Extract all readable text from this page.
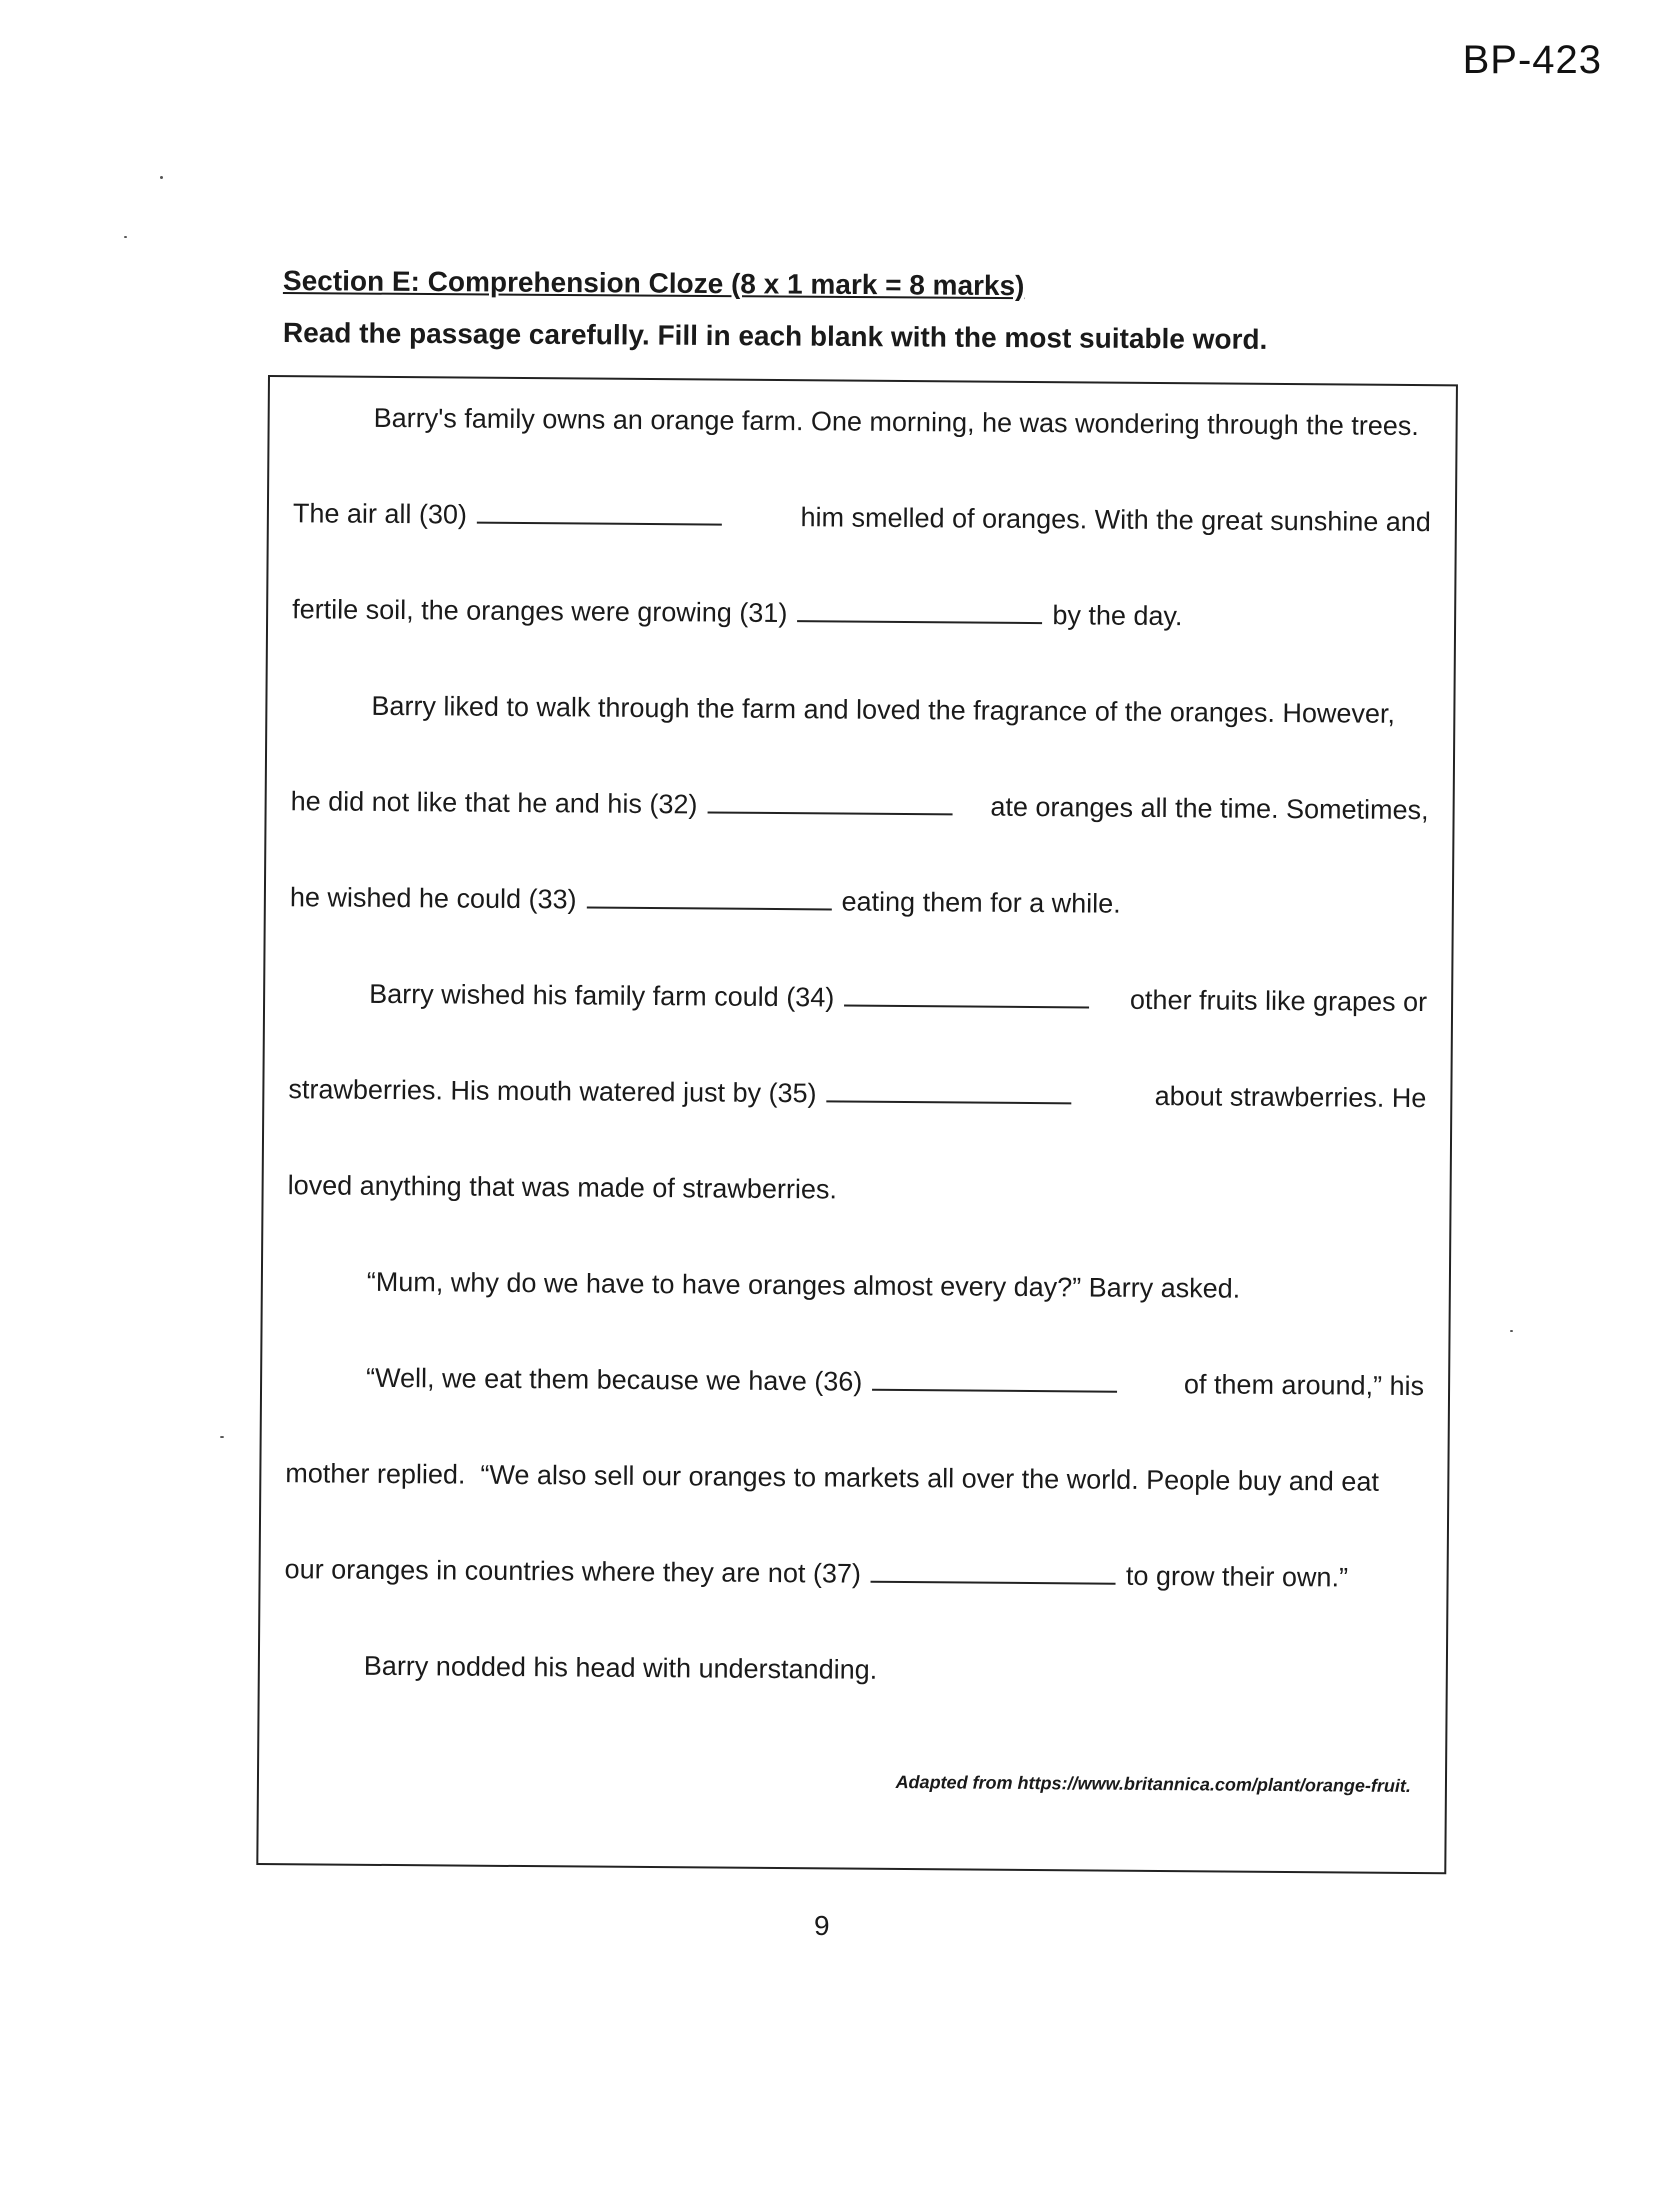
BP-423
Section E: Comprehension Cloze (8 x 1 mark = 8 marks)
Read the passage carefully. Fill in each blank with the most suitable word.
Barry's family owns an orange farm. One morning, he was wondering through the trees.
The air all (30)	him smelled of oranges. With the great sunshine and
fertile soil, the oranges were growing (31)	by the day.
Barry liked to walk through the farm and loved the fragrance of the oranges. However,
he did not like that he and his (32)	ate oranges all the time. Sometimes,
he wished he could (33)	eating them for a while.
Barry wished his family farm could (34)	other fruits like grapes or
strawberries. His mouth watered just by (35)	about strawberries. He
loved anything that was made of strawberries.
“Mum, why do we have to have oranges almost every day?” Barry asked.
“Well, we eat them because we have (36)	of them around,” his
mother replied.  “We also sell our oranges to markets all over the world. People buy and eat
our oranges in countries where they are not (37)	to grow their own.”
Barry nodded his head with understanding.
Adapted from https://www.britannica.com/plant/orange-fruit.
9
